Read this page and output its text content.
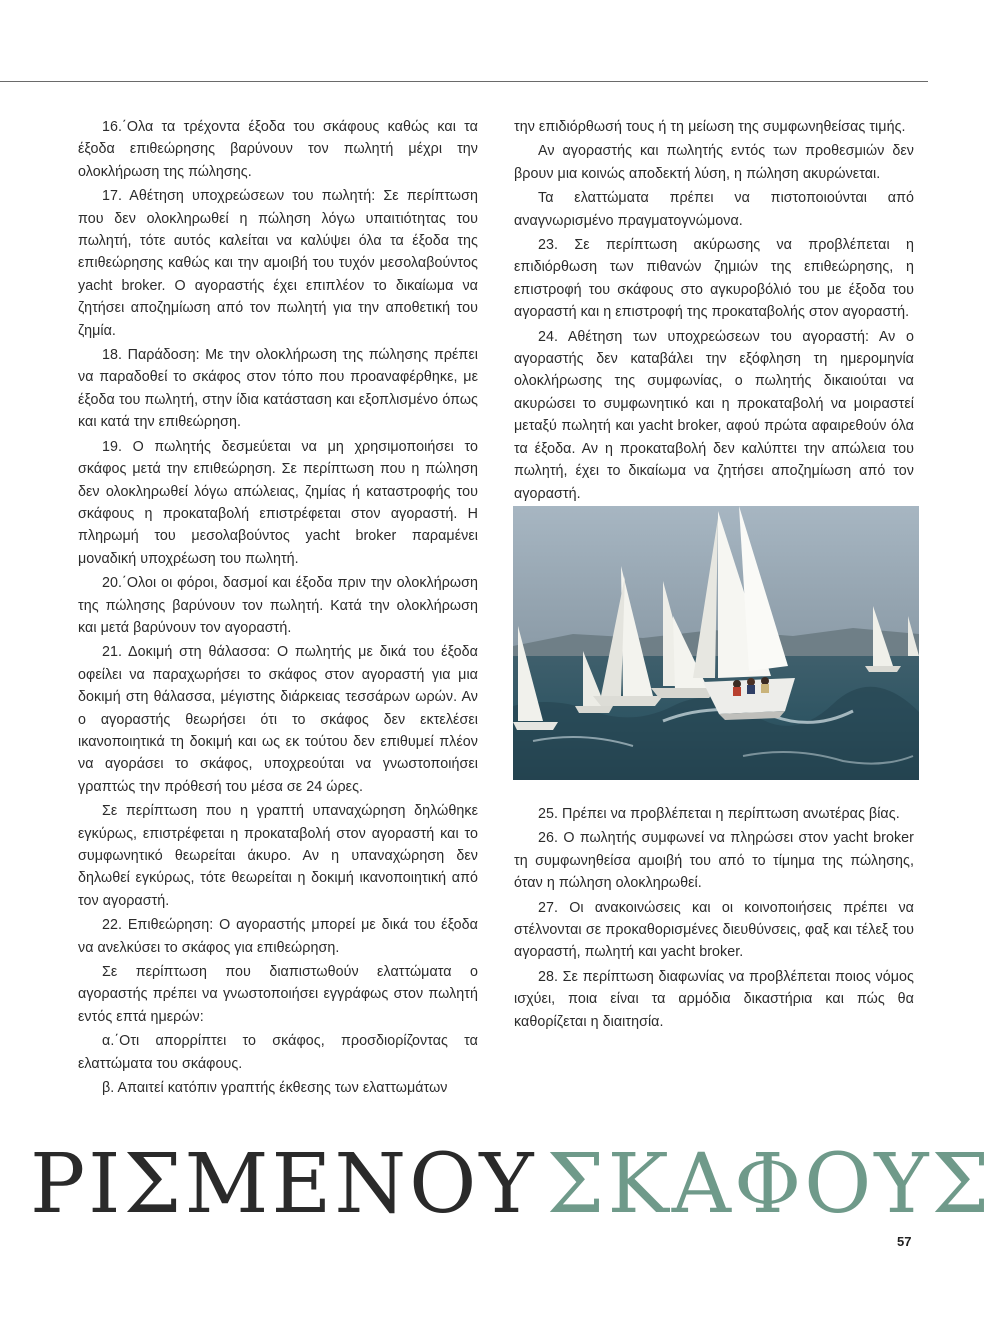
16.΄Ολα τα τρέχοντα έξοδα του σκάφους καθώς και τα έξοδα επιθεώρησης βαρύνουν τον πωλητή μέχρι την ολοκλήρωση της πώλησης.

17. Αθέτηση υποχρεώσεων του πωλητή: Σε περίπτωση που δεν ολοκληρωθεί η πώληση λόγω υπαιτιότητας του πωλητή, τότε αυτός καλείται να καλύψει όλα τα έξοδα της επιθεώρησης καθώς και την αμοιβή του τυχόν μεσολαβούντος yacht broker. Ο αγοραστής έχει επιπλέον το δικαίωμα να ζητήσει αποζημίωση από τον πωλητή για την αποθετική του ζημία.

18. Παράδοση: Με την ολοκλήρωση της πώλησης πρέπει να παραδοθεί το σκάφος στον τόπο που προαναφέρθηκε, με έξοδα του πωλητή, στην ίδια κατάσταση και εξοπλισμένο όπως και κατά την επιθεώρηση.

19. Ο πωλητής δεσμεύεται να μη χρησιμοποιήσει το σκάφος μετά την επιθεώρηση. Σε περίπτωση που η πώληση δεν ολοκληρωθεί λόγω απώλειας, ζημίας ή καταστροφής του σκάφους η προκαταβολή επιστρέφεται στον αγοραστή. Η πληρωμή του μεσολαβούντος yacht broker παραμένει μοναδική υποχρέωση του πωλητή.

20.΄Ολοι οι φόροι, δασμοί και έξοδα πριν την ολοκλήρωση της πώλησης βαρύνουν τον πωλητή. Κατά την ολοκλήρωση και μετά βαρύνουν τον αγοραστή.

21. Δοκιμή στη θάλασσα: Ο πωλητής με δικά του έξοδα οφείλει να παραχωρήσει το σκάφος στον αγοραστή για μια δοκιμή στη θάλασσα, μέγιστης διάρκειας τεσσάρων ωρών. Αν ο αγοραστής θεωρήσει ότι το σκάφος δεν εκτελέσει ικανοποιητικά τη δοκιμή και ως εκ τούτου δεν επιθυμεί πλέον να αγοράσει το σκάφος, υποχρεούται να γνωστοποιήσει γραπτώς την πρόθεσή του μέσα σε 24 ώρες.

Σε περίπτωση που η γραπτή υπαναχώρηση δηλώθηκε εγκύρως, επιστρέφεται η προκαταβολή στον αγοραστή και το συμφωνητικό θεωρείται άκυρο. Αν η υπαναχώρηση δεν δηλωθεί εγκύρως, τότε θεωρείται η δοκιμή ικανοποιητική από τον αγοραστή.

22. Επιθεώρηση: Ο αγοραστής μπορεί με δικά του έξοδα να ανελκύσει το σκάφος για επιθεώρηση.

Σε περίπτωση που διαπιστωθούν ελαττώματα ο αγοραστής πρέπει να γνωστοποιήσει εγγράφως στον πωλητή εντός επτά ημερών:

α.΄Οτι απορρίπτει το σκάφος, προσδιορίζοντας τα ελαττώματα του σκάφους.

β. Απαιτεί κατόπιν γραπτής έκθεσης των ελαττωμάτων

την επιδιόρθωσή τους ή τη μείωση της συμφωνηθείσας τιμής.

Αν αγοραστής και πωλητής εντός των προθεσμιών δεν βρουν μια κοινώς αποδεκτή λύση, η πώληση ακυρώνεται.

Τα ελαττώματα πρέπει να πιστοποιούνται από αναγνωρισμένο πραγματογνώμονα.

23. Σε περίπτωση ακύρωσης να προβλέπεται η επιδιόρθωση των πιθανών ζημιών της επιθεώρησης, η επιστροφή του σκάφους στο αγκυροβόλιό του με έξοδα του αγοραστή και η επιστροφή της προκαταβολής στον αγοραστή.

24. Αθέτηση των υποχρεώσεων του αγοραστή: Αν ο αγοραστής δεν καταβάλει την εξόφληση τη ημερομηνία ολοκλήρωσης της συμφωνίας, ο πωλητής δικαιούται να ακυρώσει το συμφωνητικό και η προκαταβολή να μοιραστεί μεταξύ πωλητή και yacht broker, αφού πρώτα αφαιρεθούν όλα τα έξοδα. Αν η προκαταβολή δεν καλύπτει την απώλεια του πωλητή, έχει το δικαίωμα να ζητήσει αποζημίωση από τον αγοραστή.

25. Πρέπει να προβλέπεται η περίπτωση ανωτέρας βίας.

26. Ο πωλητής συμφωνεί να πληρώσει στον yacht broker τη συμφωνηθείσα αμοιβή του από το τίμημα της πώλησης, όταν η πώληση ολοκληρωθεί.

27. Οι ανακοινώσεις και οι κοινοποιήσεις πρέπει να στέλνονται σε προκαθορισμένες διευθύνσεις, φαξ και τέλεξ του αγοραστή, πωλητή και yacht broker.

28. Σε περίπτωση διαφωνίας να προβλέπεται ποιος νόμος ισχύει, ποια είναι τα αρμόδια δικαστήρια και πώς θα καθορίζεται η διαιτησία.

ΡΙΣΜΕΝΟΥ ΣΚΑΦΟΥΣ
57
